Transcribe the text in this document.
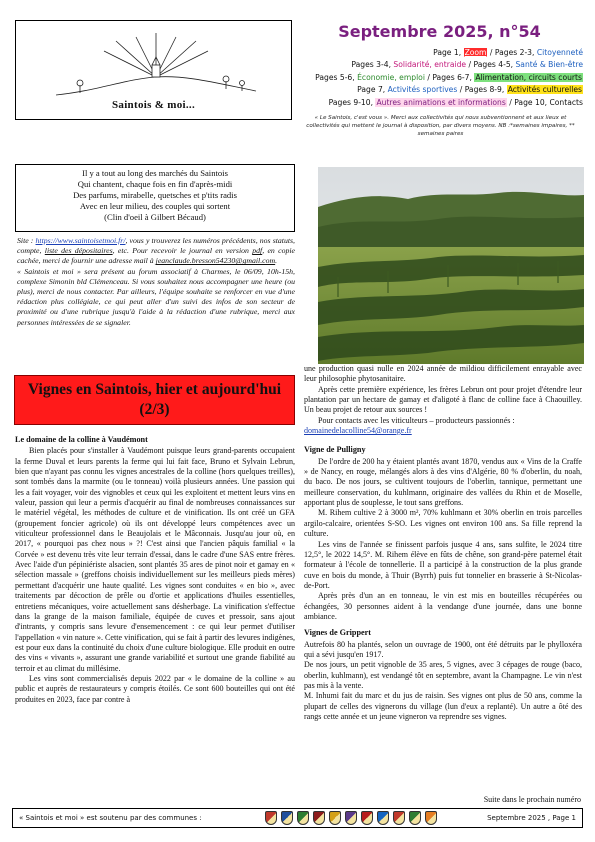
Saintois & moi...
Septembre 2025, n°54
Page 1, Zoom / Pages 2-3, Citoyenneté
Pages 3-4, Solidarité, entraide / Pages 4-5, Santé & Bien-être
Pages 5-6, Économie, emploi / Pages 6-7, Alimentation, circuits courts
Page 7, Activités sportives / Pages 8-9, Activités culturelles
Pages 9-10, Autres animations et informations / Page 10, Contacts
« Le Saintois, c'est vous ». Merci aux collectivités qui nous subventionnent et aux lieux et collectivités qui mettent le journal à disposition, par divers moyens. NB :*semaines impaires, ** semaines paires
Il y a tout au long des marchés du Saintois
Qui chantent, chaque fois en fin d'après-midi
Des parfums, mirabelle, quetsches et p'tits radis
Avec en leur milieu, des couples qui sortent
(Clin d'oeil à Gilbert Bécaud)

Site : https://www.saintoisetmoi.fr/, vous y trouverez les numéros précédents, nos statuts, compte, liste des dépositaires, etc. Pour recevoir le journal en version pdf, en copie cachée, merci de fournir une adresse mail à jeanclaude.bresson54230@gmail.com.

« Saintois et moi » sera présent au forum associatif à Charmes, le 06/09, 10h-15h, complexe Simonin bld Clémenceau. Si vous souhaitez nous accompagner une heure (ou plus), merci de nous contacter. Par ailleurs, l'équipe souhaite se renforcer en vue d'une rédaction plus collégiale, ce qui peut aller d'un suivi des infos de son secteur de proximité ou d'une rubrique jusqu'à l'aide à la rédaction d'une rubrique, merci aux personnes intéressées de se signaler.

Vignes en Saintois, hier et aujourd'hui (2/3)
Le domaine de la colline à Vaudémont

Bien placés pour s'installer à Vaudémont puisque leurs grand-parents occupaient la ferme Duval et leurs parents la ferme qui lui fait face, Bruno et Sylvain Lebrun, bien que n'ayant pas connu les vignes ancestrales de la colline (hors quelques treilles), sont tombés dans la marmite (ou le tonneau) voilà plusieurs années. Une passion qui les a fait voyager, voir des vignobles et ceux qui les exploitent et mettent leurs vins en valeur, passion qui leur a permis d'acquérir au final de nombreuses connaissances sur le matériel végétal, les méthodes de culture et de vinification. Ils ont créé un GFA (groupement foncier agricole) où ils ont développé leurs compétences avec un viticulteur professionnel dans le Beaujolais et le Mâconnais. Jusqu'au jour où, en 2017, « pourquoi pas chez nous » ?! C'est ainsi que l'ancien pâquis familial « la Corvée » est devenu très vite leur terrain d'essai, dans le cadre d'une SAS entre frères. Avec l'aide d'un pépiniériste alsacien, sont plantés 35 ares de pinot noir et gamay en « sélection massale » (greffons choisis individuellement sur les meilleurs pieds mères) permettant d'acquérir une haute qualité. Les vignes sont conduites « en bio », avec traitements par décoction de prêle ou d'ortie et applications d'huiles essentielles, entretiens mécaniques, voire actuellement sans désherbage. La vinification s'effectue dans la grange de la maison familiale, équipée de cuves et pressoir, sans ajout d'intrants, y compris sans levure d'ensemencement : ce qui leur permet d'utiliser l'appellation « vin nature ». Cette vinification, qui se fait à partir des levures indigènes, est pour eux dans la continuité du choix d'une culture biologique. Elle produit en outre des vins « vivants », assurant une grande variabilité et surtout une grande fiabilité au terroir et au climat du millésime.

Les vins sont commercialisés depuis 2022 par « le domaine de la colline » au public et auprès de restaurateurs y compris étoilés. Ce sont 600 bouteilles qui ont été produites en 2023, face par contre à

une production quasi nulle en 2024 année de mildiou difficilement enrayable avec leur philosophie phytosanitaire.

Après cette première expérience, les frères Lebrun ont pour projet d'étendre leur plantation par un hectare de gamay et d'aligoté à flanc de colline face à Chaouilley. Un beau projet de retour aux sources !

Pour contacts avec les viticulteurs – producteurs passionnés :

domainedelacolline54@orange.fr
Vigne de Pulligny

De l'ordre de 200 ha y étaient plantés avant 1870, vendus aux « Vins de la Craffe » de Nancy, en rouge, mélangés alors à des vins d'Algérie, 80 % d'oberlin, du noah, du baco. De nos jours, se cultivent toujours de l'oberlin, tannique, permettant une meilleure conservation, du kuhlmann, originaire des vallées du Rhin et de Moselle, apportant plus de souplesse, le tout sans greffons.

M. Rihem cultive 2 à 3000 m², 70% kuhlmann et 30% oberlin en trois parcelles argilo-calcaire, orientées S-SO. Les vignes ont environ 100 ans. Sa fille reprend la culture.

Les vins de l'année se finissent parfois jusque 4 ans, sans sulfite, le 2024 titre 12,5°, le 2022 14,5°. M. Rihem élève en fûts de chêne, son grand-père paternel était formateur à l'école de tonnellerie. Il a participé à la construction de la plus grande cuve en bois du monde, à Thuir (Byrrh) puis fut tonnelier en brasserie à St-Nicolas-de-Port.

Après près d'un an en tonneau, le vin est mis en bouteilles récupérées ou échangées, 30 personnes aident à la vendange d'une journée, dans une bonne ambiance.

Vignes de Grippert

Autrefois 80 ha plantés, selon un ouvrage de 1900, ont été détruits par le phylloxéra qui a sévi jusqu'en 1917.

De nos jours, un petit vignoble de 35 ares, 5 vignes, avec 3 cépages de rouge (baco, oberlin, kuhlmann), est vendangé tôt en septembre, avant la Champagne. Le vin n'est pas mis à la vente.

M. Inhumi fait du marc et du jus de raisin. Ses vignes ont plus de 50 ans, comme la plupart de celles des vignerons du village (lun d'eux a replanté). Un autre a ôté des rangs cette année et un jeune vigneron va reprendre ses vignes.

Suite dans le prochain numéro
« Saintois et moi » est soutenu par des communes :	Septembre 2025 , Page 1
